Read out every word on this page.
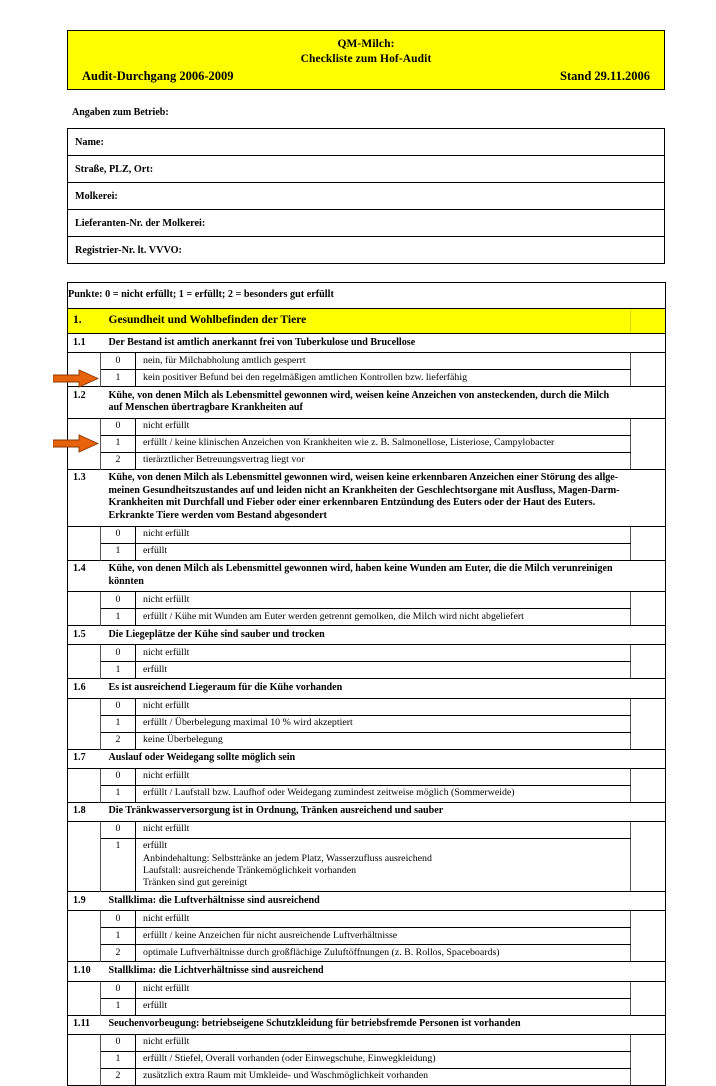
QM-Milch:
Checkliste zum Hof-Audit
Audit-Durchgang 2006-2009	Stand 29.11.2006
Angaben zum Betrieb:
Name:
Straße, PLZ, Ort:
Molkerei:
Lieferanten-Nr. der Molkerei:
Registrier-Nr. lt. VVVO:
Punkte: 0 = nicht erfüllt; 1 = erfüllt; 2 = besonders gut erfüllt			
1.	Gesundheit und Wohlbefinden der Tiere		
1.1	Der Bestand ist amtlich anerkannt frei von Tuberkulose und Brucellose		
	0	nein, für Milchabholung amtlich gesperrt	
	1	kein positiver Befund bei den regelmäßigen amtlichen Kontrollen bzw. lieferfähig	
1.2	Kühe, von denen Milch als Lebensmittel gewonnen wird, weisen keine Anzeichen von ansteckenden, durch die Milch auf Menschen übertragbare Krankheiten auf		
	0	nicht erfüllt	
	1	erfüllt / keine klinischen Anzeichen von Krankheiten wie z. B. Salmonellose, Listeriose, Campylobacter	
	2	tierärztlicher Betreuungsvertrag liegt vor	
1.3	Kühe, von denen Milch als Lebensmittel gewonnen wird, weisen keine erkennbaren Anzeichen einer Störung des allge-meinen Gesundheitszustandes auf und leiden nicht an Krankheiten der Geschlechtsorgane mit Ausfluss, Magen-Darm-Krankheiten mit Durchfall und Fieber oder einer erkennbaren Entzündung des Euters oder der Haut des Euters. Erkrankte Tiere werden vom Bestand abgesondert		
	0	nicht erfüllt	
	1	erfüllt	
1.4	Kühe, von denen Milch als Lebensmittel gewonnen wird, haben keine Wunden am Euter, die die Milch verunreinigen könnten		
	0	nicht erfüllt	
	1	erfüllt / Kühe mit Wunden am Euter werden getrennt gemolken, die Milch wird nicht abgeliefert	
1.5	Die Liegeplätze der Kühe sind sauber und trocken		
	0	nicht erfüllt	
	1	erfüllt	
1.6	Es ist ausreichend Liegeraum für die Kühe vorhanden		
	0	nicht erfüllt	
	1	erfüllt / Überbelegung maximal 10 % wird akzeptiert	
	2	keine Überbelegung	
1.7	Auslauf oder Weidegang sollte möglich sein		
	0	nicht erfüllt	
	1	erfüllt / Laufstall bzw. Laufhof oder Weidegang zumindest zeitweise möglich (Sommerweide)	
1.8	Die Tränkwasserversorgung ist in Ordnung, Tränken ausreichend und sauber		
	0	nicht erfüllt	
	1	erfüllt
Anbindehaltung: Selbsttränke an jedem Platz, Wasserzufluss ausreichend
Laufstall: ausreichende Tränkemöglichkeit vorhanden
Tränken sind gut gereinigt	

1.9	Stallklima: die Luftverhältnisse sind ausreichend		
	0	nicht erfüllt	
	1	erfüllt / keine Anzeichen für nicht ausreichende Luftverhältnisse	
	2	optimale Luftverhältnisse durch großflächige Zuluftöffnungen (z. B. Rollos, Spaceboards)	
1.10	Stallklima: die Lichtverhältnisse sind ausreichend		
	0	nicht erfüllt	
	1	erfüllt	
1.11	Seuchenvorbeugung: betriebseigene Schutzkleidung für betriebsfremde Personen ist vorhanden		
	0	nicht erfüllt	
	1	erfüllt / Stiefel, Overall vorhanden (oder Einwegschuhe, Einwegkleidung)	
	2	zusätzlich extra Raum mit Umkleide- und Waschmöglichkeit vorhanden	
